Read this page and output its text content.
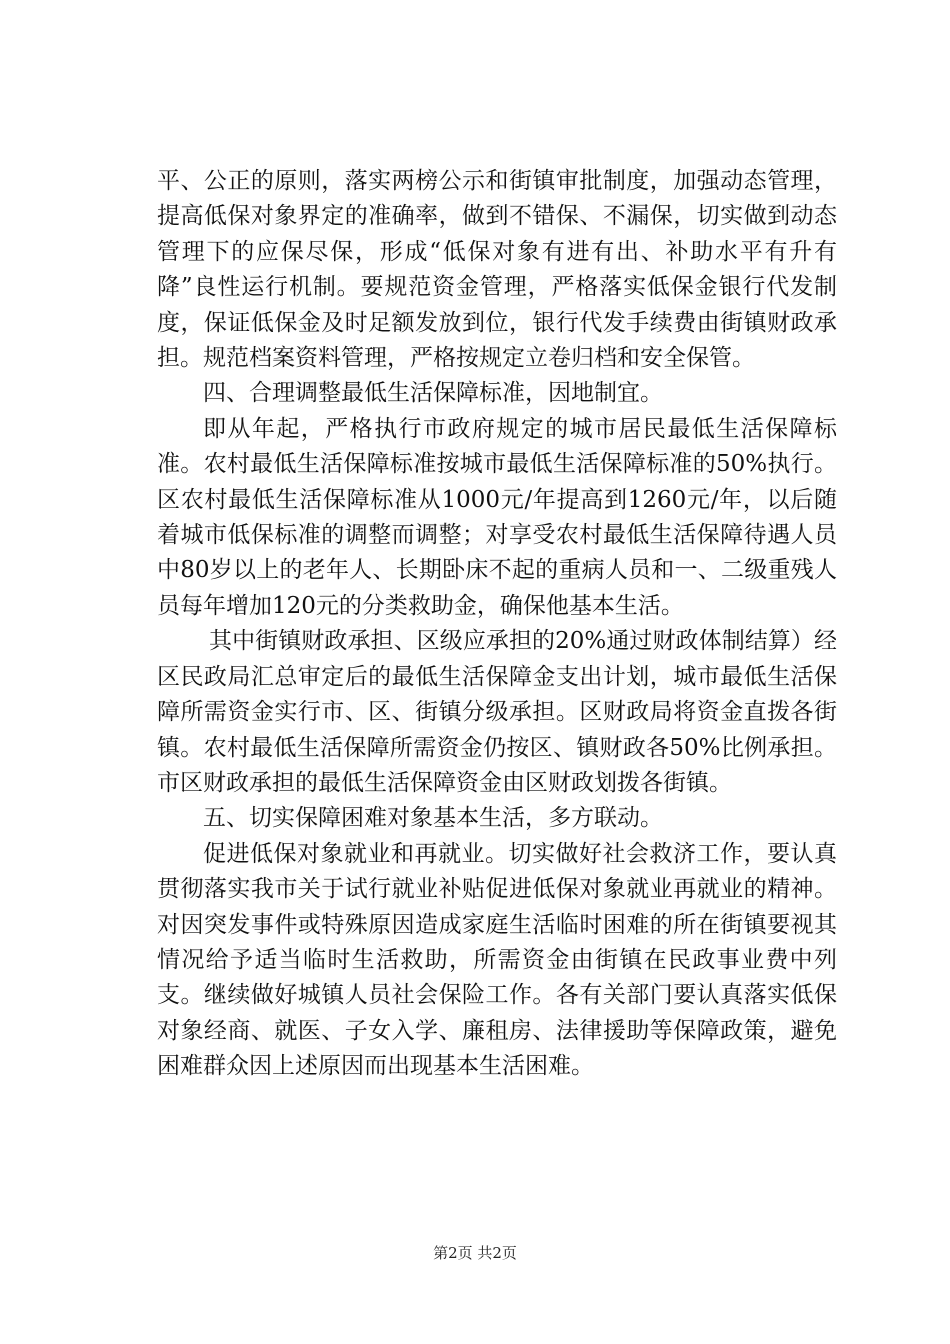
平、公正的原则，落实两榜公示和街镇审批制度，加强动态管理，提高低保对象界定的准确率，做到不错保、不漏保，切实做到动态管理下的应保尽保，形成“低保对象有进有出、补助水平有升有降”良性运行机制。要规范资金管理，严格落实低保金银行代发制度，保证低保金及时足额发放到位，银行代发手续费由街镇财政承担。规范档案资料管理，严格按规定立卷归档和安全保管。

四、合理调整最低生活保障标准，因地制宜。

即从年起，严格执行市政府规定的城市居民最低生活保障标准。农村最低生活保障标准按城市最低生活保障标准的50%执行。区农村最低生活保障标准从1000元/年提高到1260元/年，以后随着城市低保标准的调整而调整；对享受农村最低生活保障待遇人员中80岁以上的老年人、长期卧床不起的重病人员和一、二级重残人员每年增加120元的分类救助金，确保他基本生活。

其中街镇财政承担、区级应承担的20%通过财政体制结算）经区民政局汇总审定后的最低生活保障金支出计划，城市最低生活保障所需资金实行市、区、街镇分级承担。区财政局将资金直拨各街镇。农村最低生活保障所需资金仍按区、镇财政各50%比例承担。市区财政承担的最低生活保障资金由区财政划拨各街镇。

五、切实保障困难对象基本生活，多方联动。

促进低保对象就业和再就业。切实做好社会救济工作，要认真贯彻落实我市关于试行就业补贴促进低保对象就业再就业的精神。对因突发事件或特殊原因造成家庭生活临时困难的所在街镇要视其情况给予适当临时生活救助，所需资金由街镇在民政事业费中列支。继续做好城镇人员社会保险工作。各有关部门要认真落实低保对象经商、就医、子女入学、廉租房、法律援助等保障政策，避免困难群众因上述原因而出现基本生活困难。

第2页 共2页
